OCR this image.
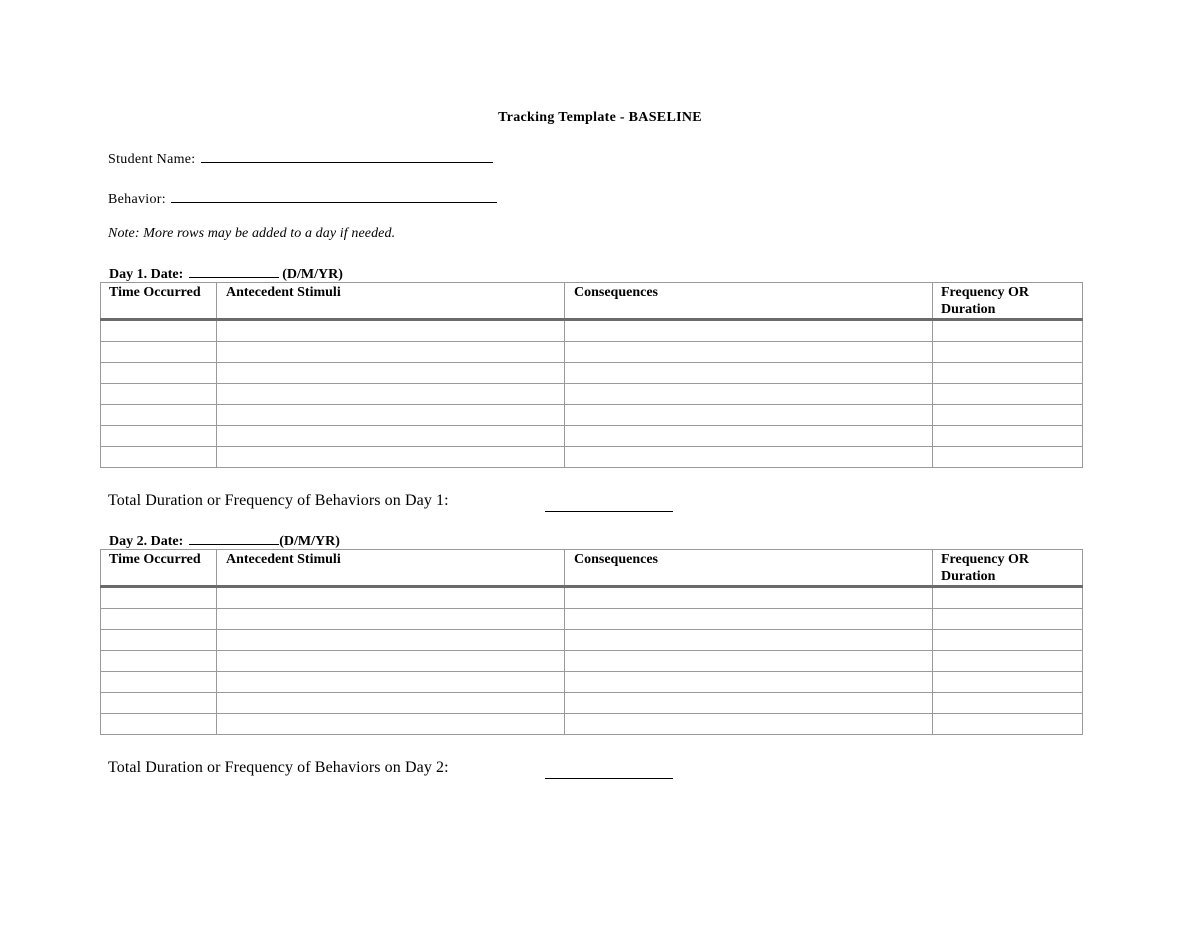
Tracking Template - BASELINE
Student Name:
Behavior:
Note: More rows may be added to a day if needed.
Day 1. Date:	(D/M/YR)
Time Occurred	Antecedent Stimuli	Consequences	Frequency OR Duration

Total Duration or Frequency of Behaviors on Day 1:
Day 2. Date:	(D/M/YR)
Time Occurred	Antecedent Stimuli	Consequences	Frequency OR Duration

Total Duration or Frequency of Behaviors on Day 2:
